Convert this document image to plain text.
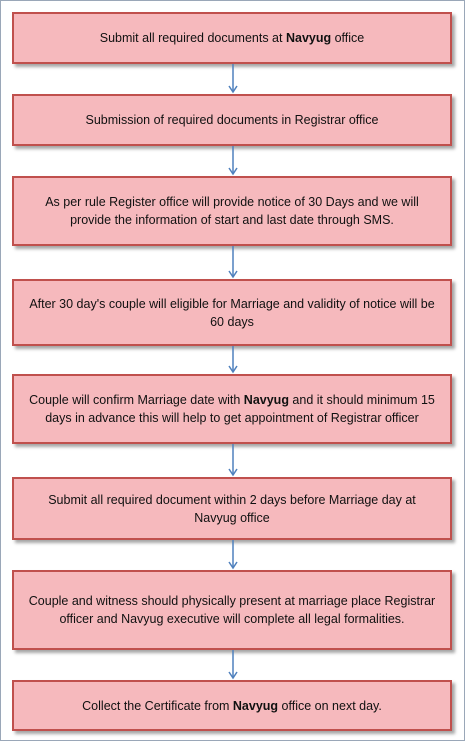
Submit all required documents at Navyug office
Submission of required documents in Registrar office
As per rule Register office will provide notice of 30 Days and we will provide the information of start and last date through SMS.
After 30 day's couple will eligible for Marriage and validity of notice will be 60 days
Couple will confirm Marriage date with Navyug and it should minimum 15 days in advance this will help to get appointment of Registrar officer
Submit all required document within 2 days before Marriage day at Navyug office
Couple and witness should physically present at marriage place Registrar officer and Navyug executive will complete all legal formalities.
Collect the Certificate from Navyug office on next day.
